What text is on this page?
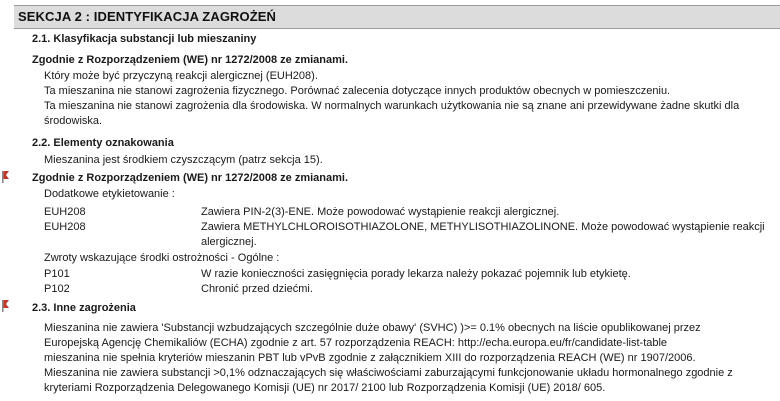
SEKCJA 2 : IDENTYFIKACJA ZAGROŻEŃ
2.1. Klasyfikacja substancji lub mieszaniny
Zgodnie z Rozporządzeniem (WE) nr 1272/2008 ze zmianami.
Który może być przyczyną reakcji alergicznej (EUH208).
Ta mieszanina nie stanowi zagrożenia fizycznego. Porównać zalecenia dotyczące innych produktów obecnych w pomieszczeniu.
Ta mieszanina nie stanowi zagrożenia dla środowiska. W normalnych warunkach użytkowania nie są znane ani przewidywane żadne skutki dla
środowiska.
2.2. Elementy oznakowania
Mieszanina jest środkiem czyszczącym (patrz sekcja 15).
Zgodnie z Rozporządzeniem (WE) nr 1272/2008 ze zmianami.
Dodatkowe etykietowanie :
EUH208	Zawiera PIN-2(3)-ENE. Może powodować wystąpienie reakcji alergicznej.
EUH208	Zawiera METHYLCHLOROISOTHIAZOLONE, METHYLISOTHIAZOLINONE. Może powodować wystąpienie reakcji
alergicznej.
Zwroty wskazujące środki ostrożności - Ogólne :
P101	W razie konieczności zasięgnięcia porady lekarza należy pokazać pojemnik lub etykietę.
P102	Chronić przed dziećmi.
2.3. Inne zagrożenia
Mieszanina nie zawiera 'Substancji wzbudzających szczególnie duże obawy' (SVHC) )>= 0.1% obecnych na liście opublikowanej przez
Europejską Agencję Chemikaliów (ECHA) zgodnie z art. 57 rozporządzenia REACH: http://echa.europa.eu/fr/candidate-list-table
mieszanina nie spełnia kryteriów mieszanin PBT lub vPvB zgodnie z załącznikiem XIII do rozporządzenia REACH (WE) nr 1907/2006.
Mieszanina nie zawiera substancji >0,1% odznaczających się właściwościami zaburzającymi funkcjonowanie układu hormonalnego zgodnie z
kryteriami Rozporządzenia Delegowanego Komisji (UE) nr 2017/ 2100 lub Rozporządzenia Komisji (UE) 2018/ 605.
